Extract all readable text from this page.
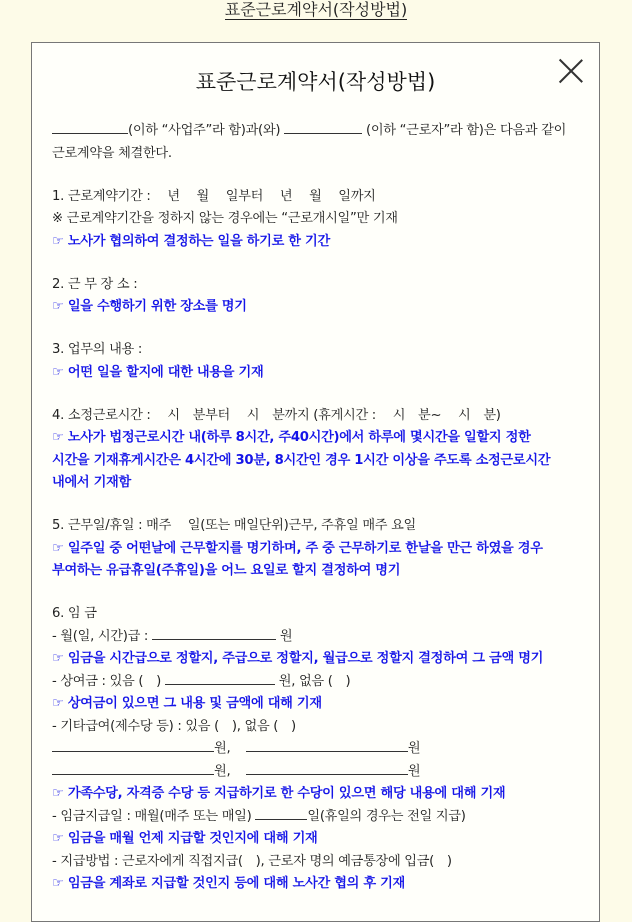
표준근로계약서(작성방법)
표준근로계약서(작성방법)

(이하 “사업주”라 함)과(와)	(이하 “근로자”라 함)은 다음과 같이

근로계약을 체결한다.

1. 근로계약기간 :　 년　 월　 일부터　 년　 월　 일까지

※ 근로계약기간을 정하지 않는 경우에는 “근로개시일”만 기재

☞ 노사가 협의하여 결정하는 일을 하기로 한 기간

2. 근 무 장 소 :

☞ 일을 수행하기 위한 장소를 명기

3. 업무의 내용 :

☞ 어떤 일을 할지에 대한 내용을 기재

4. 소정근로시간 :　 시　분부터　 시　분까지 (휴게시간 :　 시　분~　 시　분)

☞ 노사가 법정근로시간 내(하루 8시간, 주40시간)에서 하루에 몇시간을 일할지 정한

시간을 기재휴게시간은 4시간에 30분, 8시간인 경우 1시간 이상을 주도록 소정근로시간

내에서 기재함

5. 근무일/휴일 : 매주　 일(또는 매일단위)근무, 주휴일 매주 요일

☞ 일주일 중 어떤날에 근무할지를 명기하며, 주 중 근무하기로 한날을 만근 하였을 경우

부여하는 유급휴일(주휴일)을 어느 요일로 할지 결정하여 명기

6. 임 금

- 월(일, 시간)급 :	원

☞ 임금을 시간급으로 정할지, 주급으로 정할지, 월급으로 정할지 결정하여 그 금액 명기

- 상여금 : 있음 (　)	원, 없음 (　)

☞ 상여금이 있으면 그 내용 및 금액에 대해 기재

- 기타급여(제수당 등) : 있음 (　), 없음 (　)

원,	원

원,	원

☞ 가족수당, 자격증 수당 등 지급하기로 한 수당이 있으면 해당 내용에 대해 기재

- 임금지급일 : 매월(매주 또는 매일)	일(휴일의 경우는 전일 지급)

☞ 임금을 매월 언제 지급할 것인지에 대해 기재

- 지급방법 : 근로자에게 직접지급(　), 근로자 명의 예금통장에 입금(　)

☞ 임금을 계좌로 지급할 것인지 등에 대해 노사간 협의 후 기재
